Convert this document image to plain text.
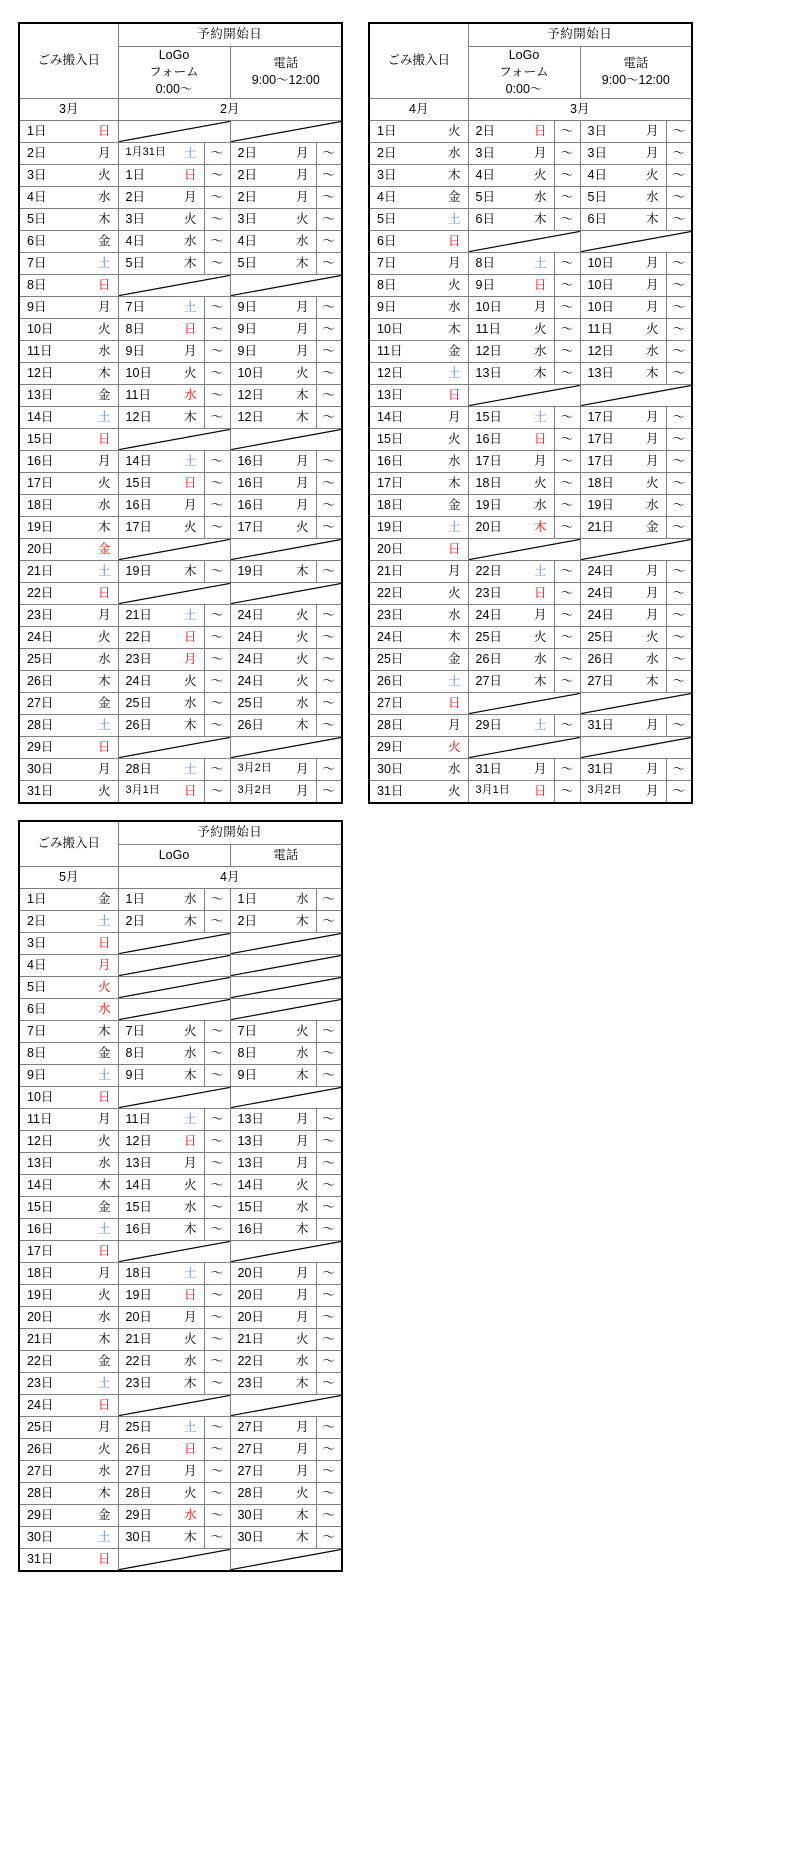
ごみ搬入日	予約開始日			

	LoGo
フォーム
0:00〜		電話
9:00〜12:00	

3月	2月			

1日 日

2日 月	1月31日 土	〜	2日 月	〜

3日 火	1日 日	〜	2日 月	〜

4日 水	2日 月	〜	2日 月	〜

5日 木	3日 火	〜	3日 火	〜

6日 金	4日 水	〜	4日 水	〜

7日 土	5日 木	〜	5日 木	〜

8日 日

9日 月	7日 土	〜	9日 月	〜

10日 火	8日 日	〜	9日 月	〜

11日 水	9日 月	〜	9日 月	〜

12日 木	10日 火	〜	10日 火	〜

13日 金	11日 水	〜	12日 木	〜

14日 土	12日 木	〜	12日 木	〜

15日 日

16日 月	14日 土	〜	16日 月	〜

17日 火	15日 日	〜	16日 月	〜

18日 水	16日 月	〜	16日 月	〜

19日 木	17日 火	〜	17日 火	〜

20日 金

21日 土	19日 木	〜	19日 木	〜

22日 日

23日 月	21日 土	〜	24日 火	〜

24日 火	22日 日	〜	24日 火	〜

25日 水	23日 月	〜	24日 火	〜

26日 木	24日 火	〜	24日 火	〜

27日 金	25日 水	〜	25日 水	〜

28日 土	26日 木	〜	26日 木	〜

29日 日

30日 月	28日 土	〜	3月2日 月	〜

31日 火	3月1日 日	〜	3月2日 月	〜
ごみ搬入日	予約開始日			

	LoGo
フォーム
0:00〜		電話
9:00〜12:00	

4月	3月			

1日 火	2日 日	〜	3日 月	〜

2日 水	3日 月	〜	3日 月	〜

3日 木	4日 火	〜	4日 火	〜

4日 金	5日 水	〜	5日 水	〜

5日 土	6日 木	〜	6日 木	〜

6日 日

7日 月	8日 土	〜	10日 月	〜

8日 火	9日 日	〜	10日 月	〜

9日 水	10日 月	〜	10日 月	〜

10日 木	11日 火	〜	11日 火	〜

11日 金	12日 水	〜	12日 水	〜

12日 土	13日 木	〜	13日 木	〜

13日 日

14日 月	15日 土	〜	17日 月	〜

15日 火	16日 日	〜	17日 月	〜

16日 水	17日 月	〜	17日 月	〜

17日 木	18日 火	〜	18日 火	〜

18日 金	19日 水	〜	19日 水	〜

19日 土	20日 木	〜	21日 金	〜

20日 日

21日 月	22日 土	〜	24日 月	〜

22日 火	23日 日	〜	24日 月	〜

23日 水	24日 月	〜	24日 月	〜

24日 木	25日 火	〜	25日 火	〜

25日 金	26日 水	〜	26日 水	〜

26日 土	27日 木	〜	27日 木	〜

27日 日

28日 月	29日 土	〜	31日 月	〜

29日 火

30日 水	31日 月	〜	31日 月	〜

31日 火	3月1日 日	〜	3月2日 月	〜
ごみ搬入日	予約開始日			
	LoGo		電話	
5月	4月			

1日 金	1日 水	〜	1日 水	〜

2日 土	2日 木	〜	2日 木	〜

3日 日

4日 月

5日 火

6日 水

7日 木	7日 火	〜	7日 火	〜

8日 金	8日 水	〜	8日 水	〜

9日 土	9日 木	〜	9日 木	〜

10日 日

11日 月	11日 土	〜	13日 月	〜

12日 火	12日 日	〜	13日 月	〜

13日 水	13日 月	〜	13日 月	〜

14日 木	14日 火	〜	14日 火	〜

15日 金	15日 水	〜	15日 水	〜

16日 土	16日 木	〜	16日 木	〜

17日 日

18日 月	18日 土	〜	20日 月	〜

19日 火	19日 日	〜	20日 月	〜

20日 水	20日 月	〜	20日 月	〜

21日 木	21日 火	〜	21日 火	〜

22日 金	22日 水	〜	22日 水	〜

23日 土	23日 木	〜	23日 木	〜

24日 日

25日 月	25日 土	〜	27日 月	〜

26日 火	26日 日	〜	27日 月	〜

27日 水	27日 月	〜	27日 月	〜

28日 木	28日 火	〜	28日 火	〜

29日 金	29日 水	〜	30日 木	〜

30日 土	30日 木	〜	30日 木	〜

31日 日
